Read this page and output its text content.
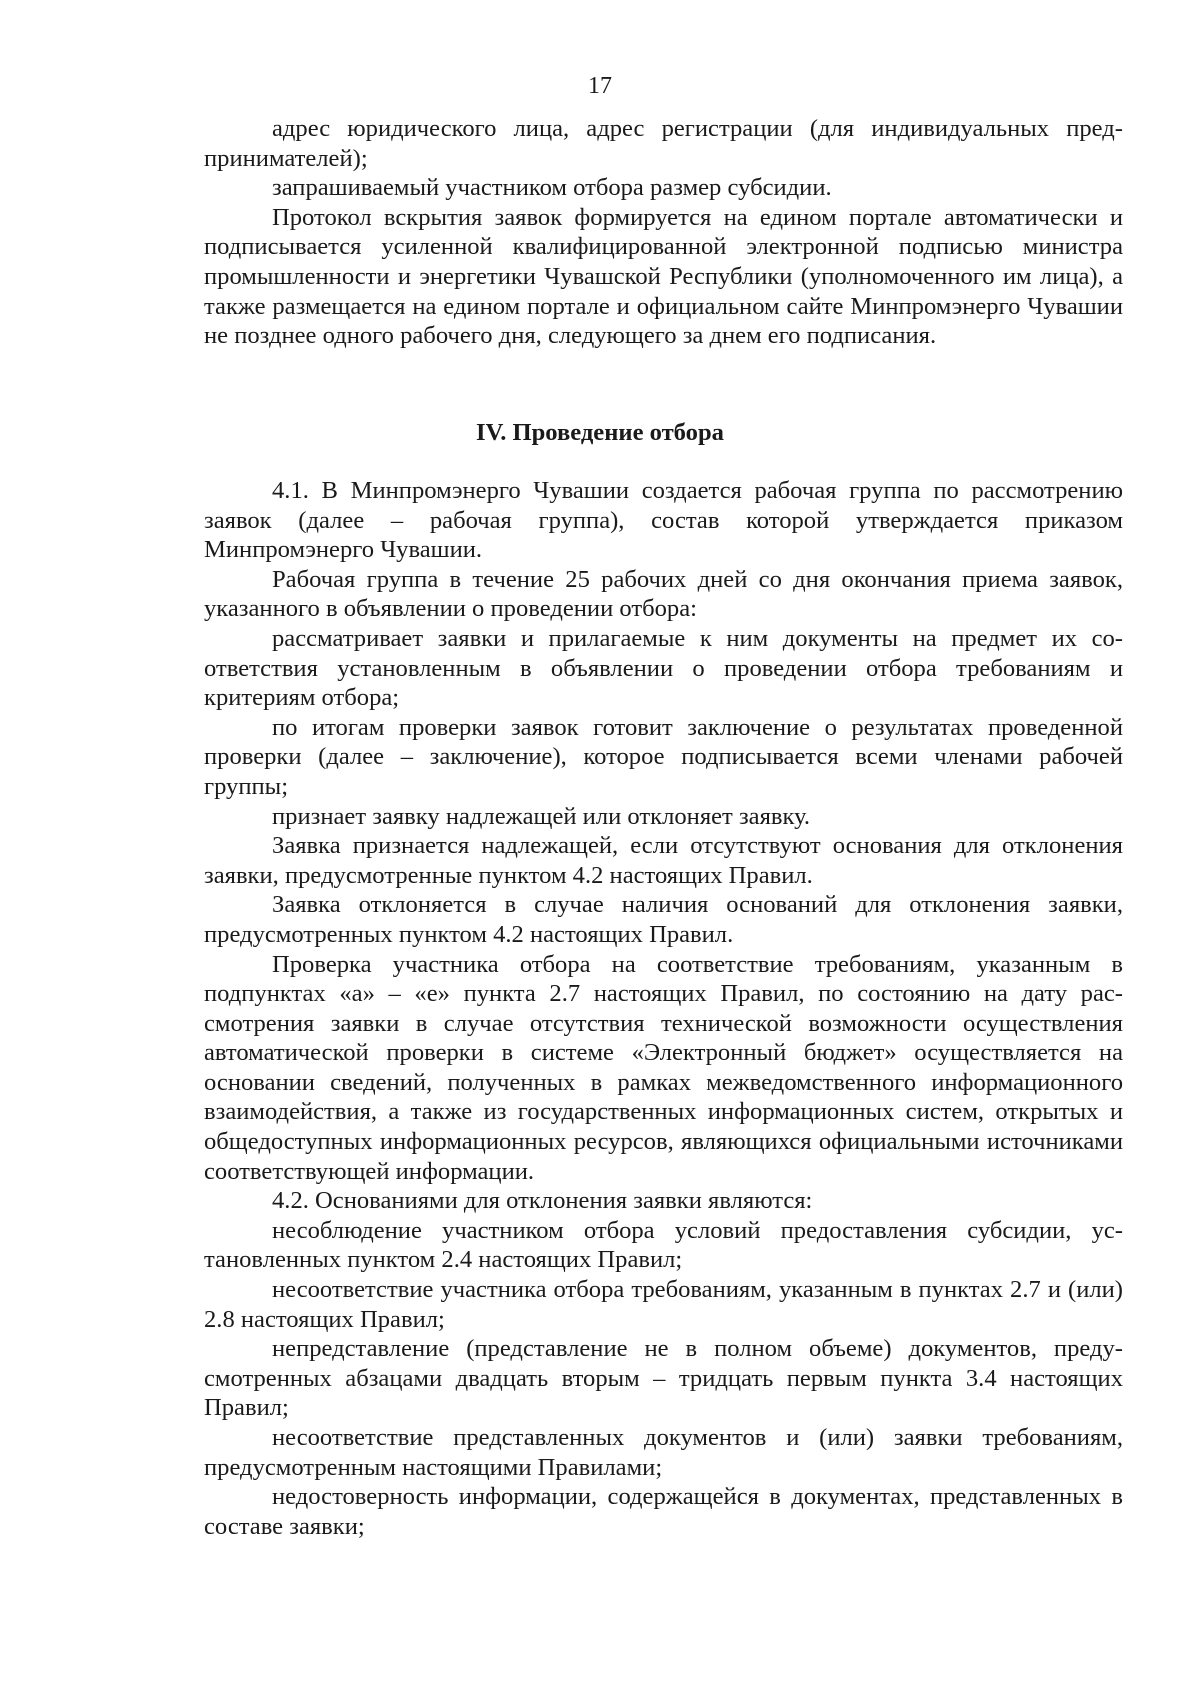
17

адрес юридического лица, адрес регистрации (для индивидуальных предпринимателей);

запрашиваемый участником отбора размер субсидии.

Протокол вскрытия заявок формируется на едином портале автоматически и подписывается усиленной квалифицированной электронной подписью министра промышленности и энергетики Чувашской Республики (уполномоченного им лица), а также размещается на едином портале и официальном сайте Минпромэнерго Чувашии не позднее одного рабочего дня, следующего за днем его подписания.

IV. Проведение отбора

4.1. В Минпромэнерго Чувашии создается рабочая группа по рассмотрению заявок (далее – рабочая группа), состав которой утверждается приказом Минпромэнерго Чувашии.

Рабочая группа в течение 25 рабочих дней со дня окончания приема заявок, указанного в объявлении о проведении отбора:

рассматривает заявки и прилагаемые к ним документы на предмет их соответствия установленным в объявлении о проведении отбора требованиям и критериям отбора;

по итогам проверки заявок готовит заключение о результатах проведенной проверки (далее – заключение), которое подписывается всеми членами рабочей группы;

признает заявку надлежащей или отклоняет заявку.

Заявка признается надлежащей, если отсутствуют основания для отклонения заявки, предусмотренные пунктом 4.2 настоящих Правил.

Заявка отклоняется в случае наличия оснований для отклонения заявки, предусмотренных пунктом 4.2 настоящих Правил.

Проверка участника отбора на соответствие требованиям, указанным в подпунктах «а» – «е» пункта 2.7 настоящих Правил, по состоянию на дату рассмотрения заявки в случае отсутствия технической возможности осуществления автоматической проверки в системе «Электронный бюджет» осуществляется на основании сведений, полученных в рамках межведомственного информационного взаимодействия, а также из государственных информационных систем, открытых и общедоступных информационных ресурсов, являющихся официальными источниками соответствующей информации.

4.2. Основаниями для отклонения заявки являются:

несоблюдение участником отбора условий предоставления субсидии, установленных пунктом 2.4 настоящих Правил;

несоответствие участника отбора требованиям, указанным в пунктах 2.7 и (или) 2.8 настоящих Правил;

непредставление (представление не в полном объеме) документов, предусмотренных абзацами двадцать вторым – тридцать первым пункта 3.4 настоящих Правил;

несоответствие представленных документов и (или) заявки требованиям, предусмотренным настоящими Правилами;

недостоверность информации, содержащейся в документах, представленных в составе заявки;
